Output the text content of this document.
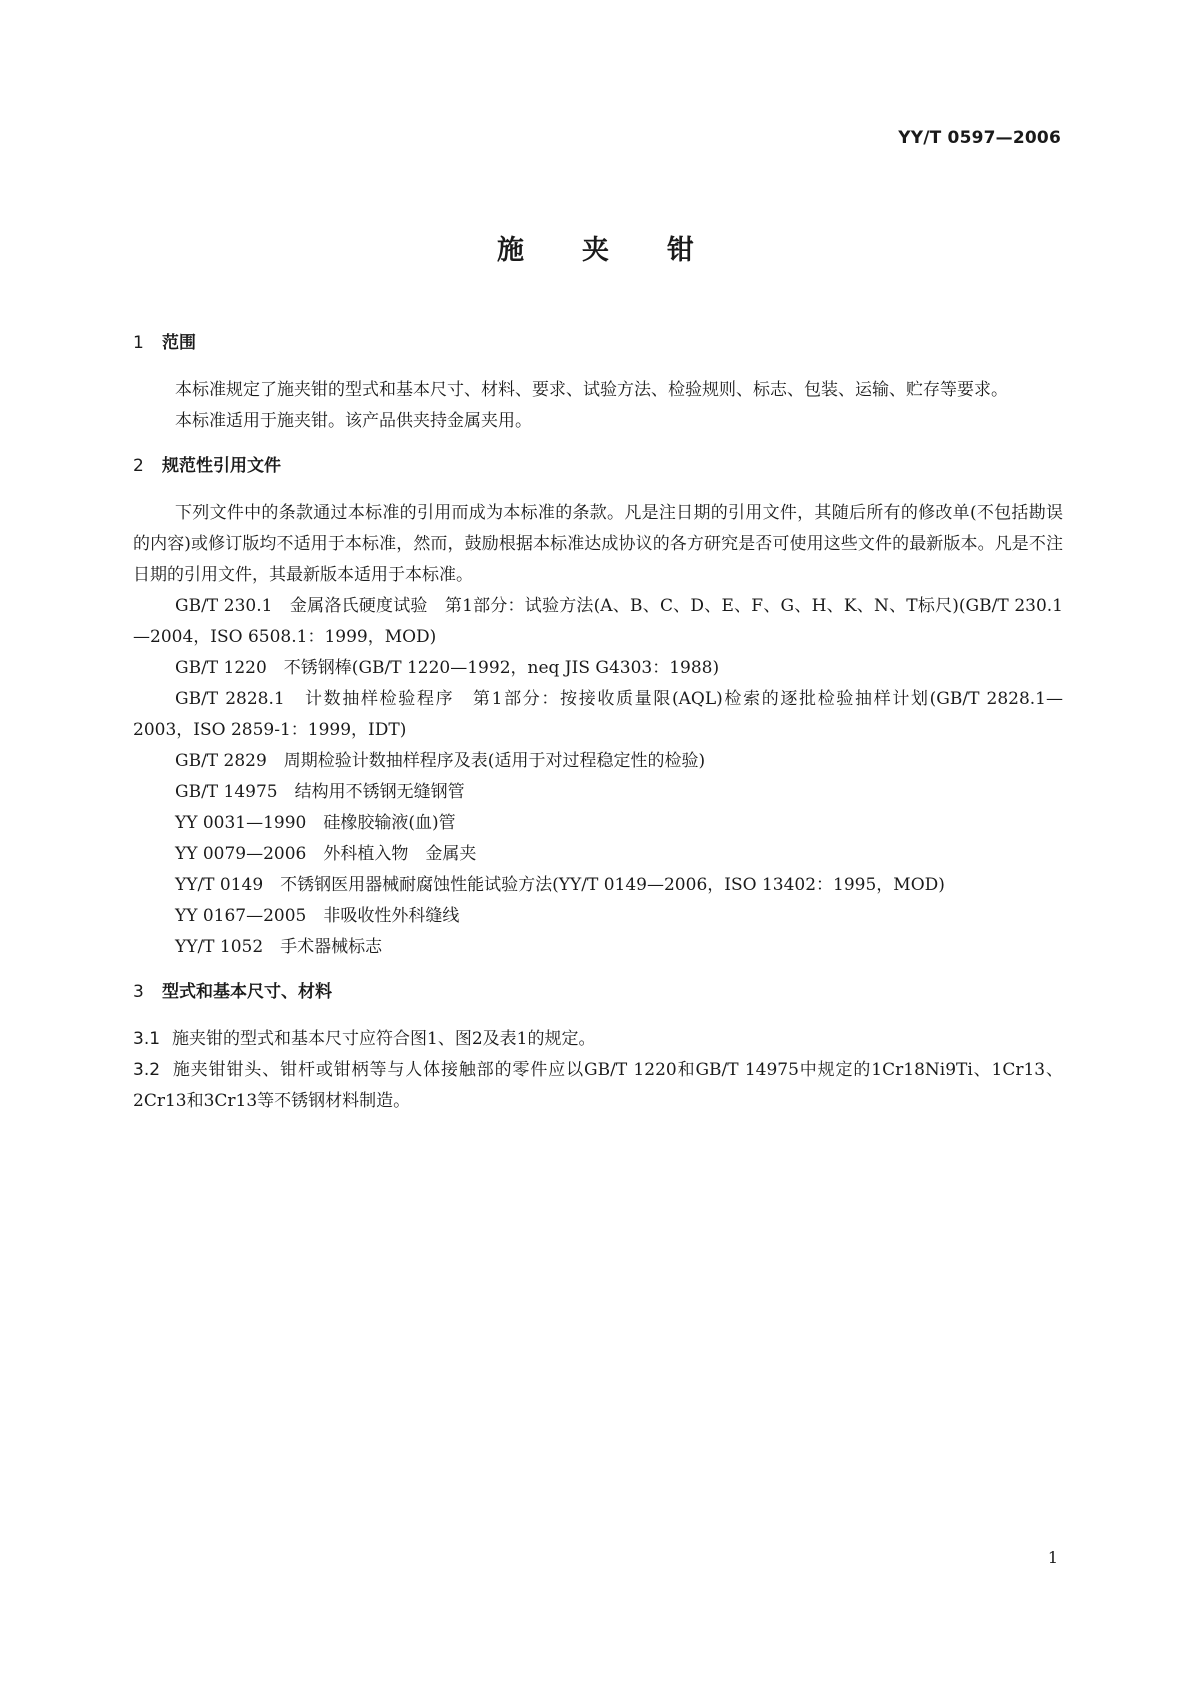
YY/T 0597—2006
施夹钳
1 范围

本标准规定了施夹钳的型式和基本尺寸、材料、要求、试验方法、检验规则、标志、包装、运输、贮存等要求。

本标准适用于施夹钳。该产品供夹持金属夹用。

2 规范性引用文件

下列文件中的条款通过本标准的引用而成为本标准的条款。凡是注日期的引用文件，其随后所有的修改单(不包括勘误的内容)或修订版均不适用于本标准，然而，鼓励根据本标准达成协议的各方研究是否可使用这些文件的最新版本。凡是不注日期的引用文件，其最新版本适用于本标准。

GB/T 230.1　金属洛氏硬度试验　第1部分：试验方法(A、B、C、D、E、F、G、H、K、N、T标尺)(GB/T 230.1—2004，ISO 6508.1：1999，MOD)

GB/T 1220　不锈钢棒(GB/T 1220—1992，neq JIS G4303：1988)

GB/T 2828.1　计数抽样检验程序　第1部分：按接收质量限(AQL)检索的逐批检验抽样计划(GB/T 2828.1—2003，ISO 2859-1：1999，IDT)

GB/T 2829　周期检验计数抽样程序及表(适用于对过程稳定性的检验)

GB/T 14975　结构用不锈钢无缝钢管

YY 0031—1990　硅橡胶输液(血)管

YY 0079—2006　外科植入物　金属夹

YY/T 0149　不锈钢医用器械耐腐蚀性能试验方法(YY/T 0149—2006，ISO 13402：1995，MOD)

YY 0167—2005　非吸收性外科缝线

YY/T 1052　手术器械标志

3 型式和基本尺寸、材料

3.1 施夹钳的型式和基本尺寸应符合图1、图2及表1的规定。

3.2 施夹钳钳头、钳杆或钳柄等与人体接触部的零件应以GB/T 1220和GB/T 14975中规定的1Cr18Ni9Ti、1Cr13、2Cr13和3Cr13等不锈钢材料制造。

1
